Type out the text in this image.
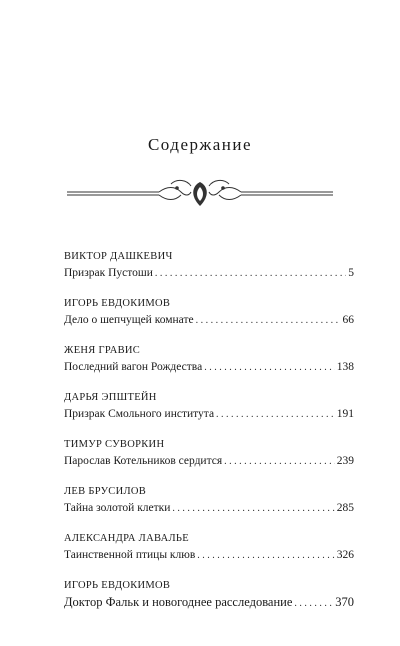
Содержание
ВИКТОР ДАШКЕВИЧ
Призрак Пустоши . . .	5
ИГОРЬ ЕВДОКИМОВ
Дело о шепчущей комнате . . .	66
ЖЕНЯ ГРАВИС
Последний вагон Рождества . . .	138
ДАРЬЯ ЭПШТЕЙН
Призрак Смольного института . . .	191
ТИМУР СУВОРКИН
Парослав Котельников сердится . . .	239
ЛЕВ БРУСИЛОВ
Тайна золотой клетки . . .	285
АЛЕКСАНДРА ЛАВАЛЬЕ
Таинственной птицы клюв . . .	326
ИГОРЬ ЕВДОКИМОВ
Доктор Фальк и новогоднее расследование . . .	370
